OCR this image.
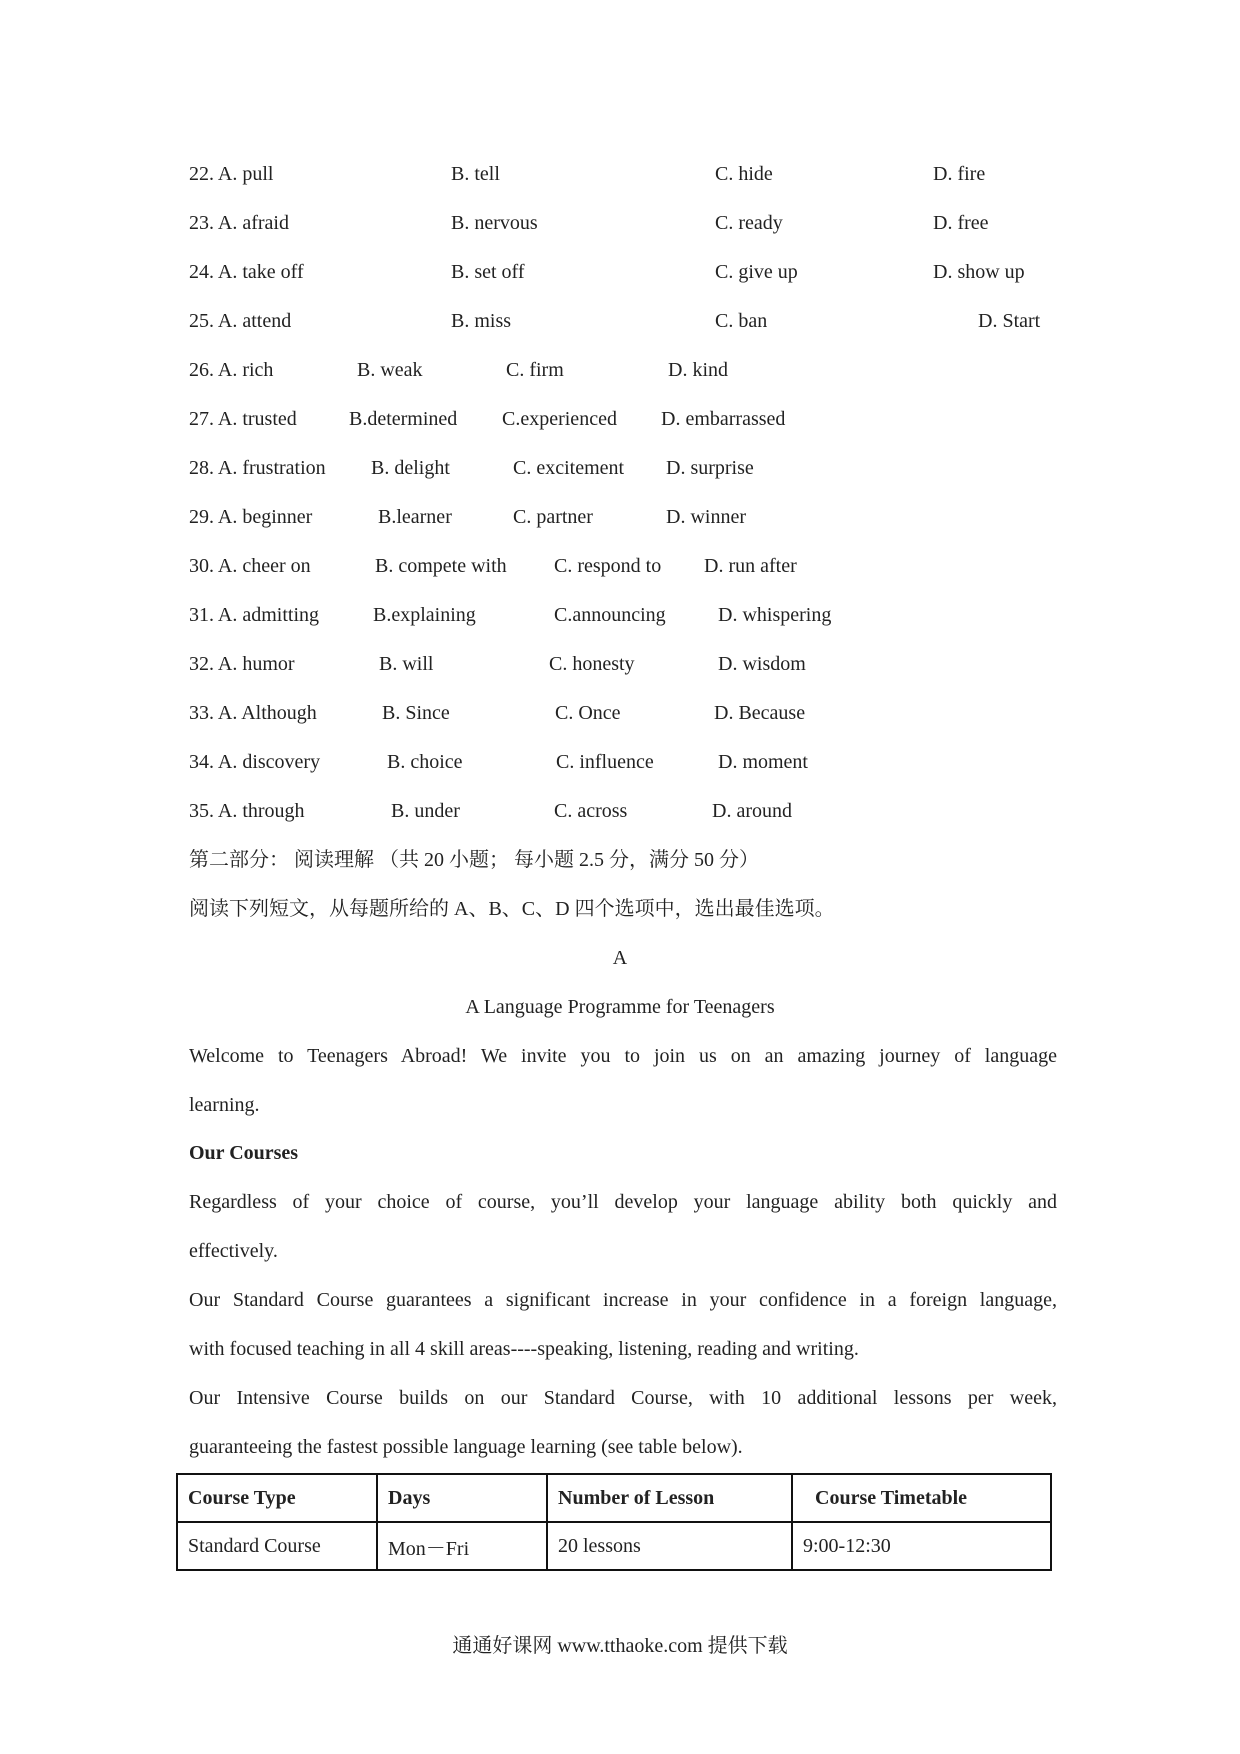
22. A. pull	B. tell	C. hide	D. fire
23. A. afraid	B. nervous	C. ready	D. free
24. A. take off	B. set off	C. give up	D. show up
25. A. attend	B. miss	C. ban	D. Start
26. A. rich	B. weak	C. firm	D. kind
27. A. trusted	B.determined C.experienced D. embarrassed
28. A. frustration B. delight	C. excitement D. surprise
29. A. beginner	B.learner	C. partner	D. winner
30. A. cheer on	B. compete with C. respond to D. run after
31. A. admitting	B.explaining	C.announcing	D. whispering
32. A. humor	B. will	C. honesty	D. wisdom
33. A. Although	B. Since	C. Once	D. Because
34. A. discovery	B. choice	C. influence	D. moment
35. A. through	B. under	C. across	D. around
第二部分： 阅读理解 （共 20 小题； 每小题 2.5 分，满分 50 分）
阅读下列短文，从每题所给的 A、B、C、D 四个选项中，选出最佳选项。
A
A Language Programme for Teenagers
Welcome to Teenagers Abroad! We invite you to join us on an amazing journey of language
learning.
Our Courses
Regardless of your choice of course, you’ll develop your language ability both quickly and
effectively.
Our Standard Course guarantees a significant increase in your confidence in a foreign language,
with focused teaching in all 4 skill areas----speaking, listening, reading and writing.
Our Intensive Course builds on our Standard Course, with 10 additional lessons per week,
guaranteeing the fastest possible language learning (see table below).
Course Type	Days	Number of Lesson	Course Timetable
Standard Course	Mon－Fri	20 lessons	9:00-12:30
通通好课网 www.tthaoke.com 提供下载
